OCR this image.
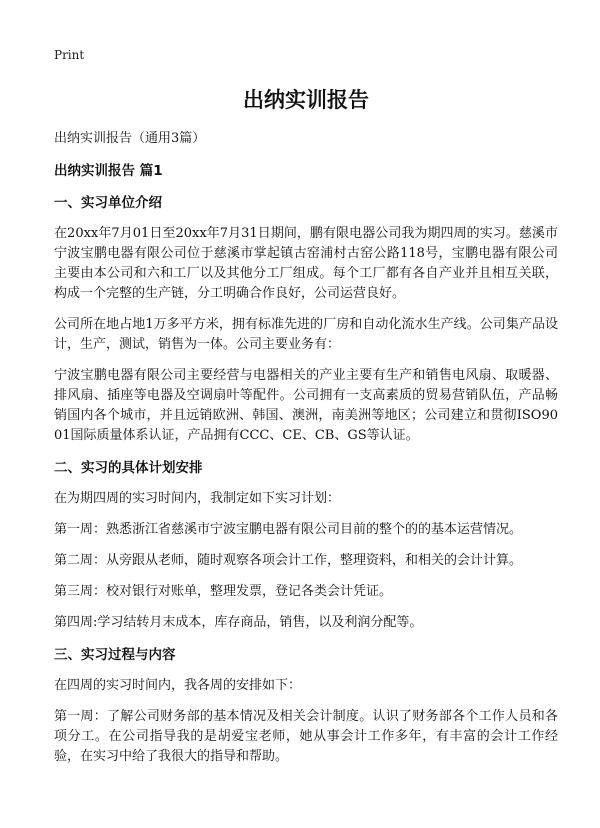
Print
出纳实训报告
出纳实训报告（通用3篇）
出纳实训报告 篇1
一、实习单位介绍

在20xx年7月01日至20xx年7月31日期间，鹏有限电器公司我为期四周的实习。慈溪市宁波宝鹏电器有限公司位于慈溪市掌起镇古窑浦村古窑公路118号，宝鹏电器有限公司主要由本公司和六和工厂以及其他分工厂组成。每个工厂都有各自产业并且相互关联，构成一个完整的生产链，分工明确合作良好，公司运营良好。

公司所在地占地1万多平方米，拥有标准先进的厂房和自动化流水生产线。公司集产品设计，生产，测试，销售为一体。公司主要业务有：

宁波宝鹏电器有限公司主要经营与电器相关的产业主要有生产和销售电风扇、取暖器、排风扇、插座等电器及空调扇叶等配件。公司拥有一支高素质的贸易营销队伍，产品畅销国内各个城市，并且远销欧洲、韩国、澳洲，南美洲等地区；公司建立和贯彻ISO9001国际质量体系认证，产品拥有CCC、CE、CB、GS等认证。

二、实习的具体计划安排

在为期四周的实习时间内，我制定如下实习计划：

第一周：熟悉浙江省慈溪市宁波宝鹏电器有限公司目前的整个的的基本运营情况。

第二周：从旁跟从老师，随时观察各项会计工作，整理资料，和相关的会计计算。

第三周：校对银行对账单，整理发票，登记各类会计凭证。

第四周:学习结转月末成本，库存商品，销售，以及利润分配等。

三、实习过程与内容

在四周的实习时间内，我各周的安排如下：

第一周：了解公司财务部的基本情况及相关会计制度。认识了财务部各个工作人员和各项分工。在公司指导我的是胡爱宝老师，她从事会计工作多年，有丰富的会计工作经验，在实习中给了我很大的指导和帮助。
